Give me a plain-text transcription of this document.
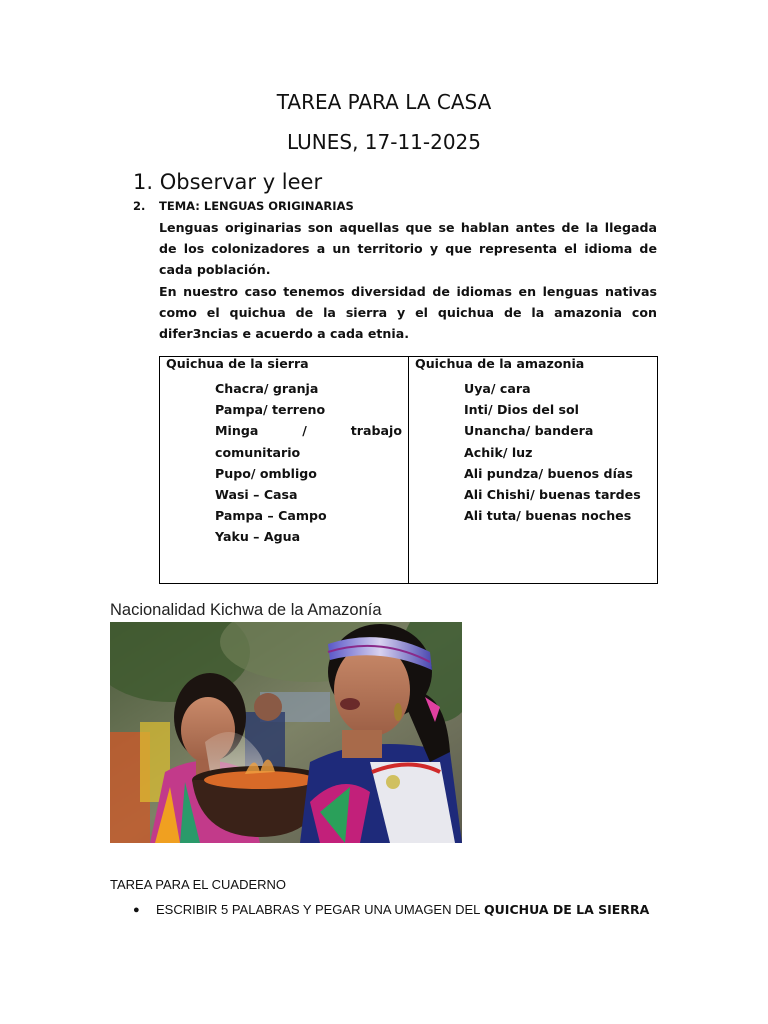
TAREA PARA LA CASA
LUNES, 17-11-2025
1. Observar y leer
2. TEMA: LENGUAS ORIGINARIAS
Lenguas originarias son aquellas que se hablan antes de la llegada de los colonizadores a un territorio y que representa el idioma de cada población.
En nuestro caso tenemos diversidad de idiomas en lenguas nativas como el quichua de la sierra y el quichua de la amazonia con difer3ncias e acuerdo a cada etnia.
Quichua de la sierra
Chacra/ granja
Pampa/ terreno
Minga / trabajo comunitario
Pupo/ ombligo
Wasi – Casa
Pampa – Campo
Yaku – Agua

Quichua de la amazonia
Uya/ cara
Inti/ Dios del sol
Unancha/ bandera
Achik/ luz
Ali pundza/ buenos días
Ali Chishi/ buenas tardes
Ali tuta/ buenas noches
Nacionalidad Kichwa de la Amazonía
TAREA PARA EL CUADERNO
●	ESCRIBIR 5 PALABRAS Y PEGAR UNA UMAGEN DEL
QUICHUA DE LA SIERRA
